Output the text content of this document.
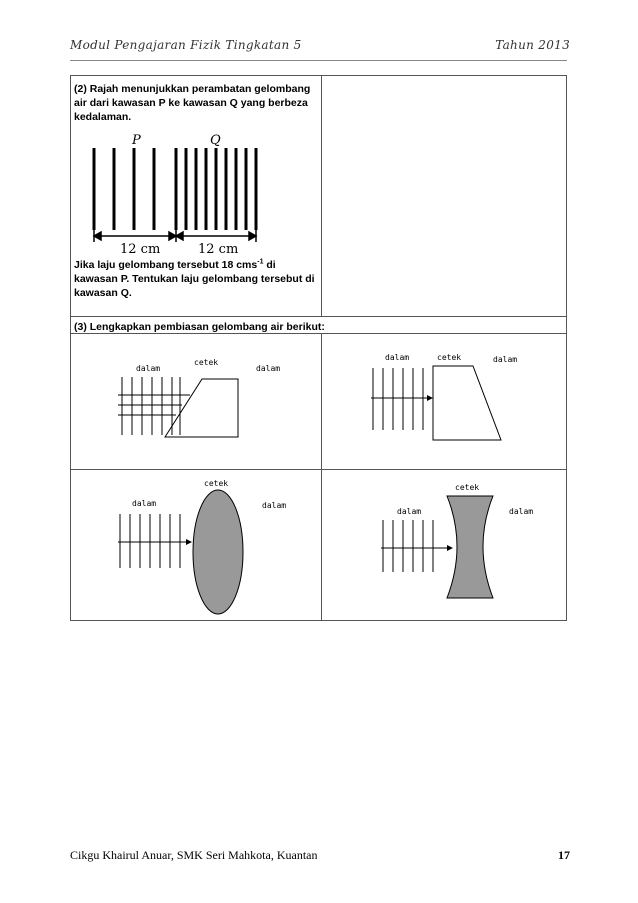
Modul Pengajaran Fizik Tingkatan 5	Tahun 2013
(2) Rajah menunjukkan perambatan gelombang air dari kawasan P ke kawasan Q yang berbeza kedalaman.
P	Q
12 cm	12 cm
Jika laju gelombang tersebut 18 cms$^{-1}$ di kawasan P. Tentukan laju gelombang tersebut di kawasan Q.
(3) Lengkapkan pembiasan gelombang air berikut:
dalam
cetek
dalam
dalam	cetek	dalam
dalam
cetek
dalam
dalam
cetek
dalam
Cikgu Khairul Anuar, SMK Seri Mahkota, Kuantan	17
